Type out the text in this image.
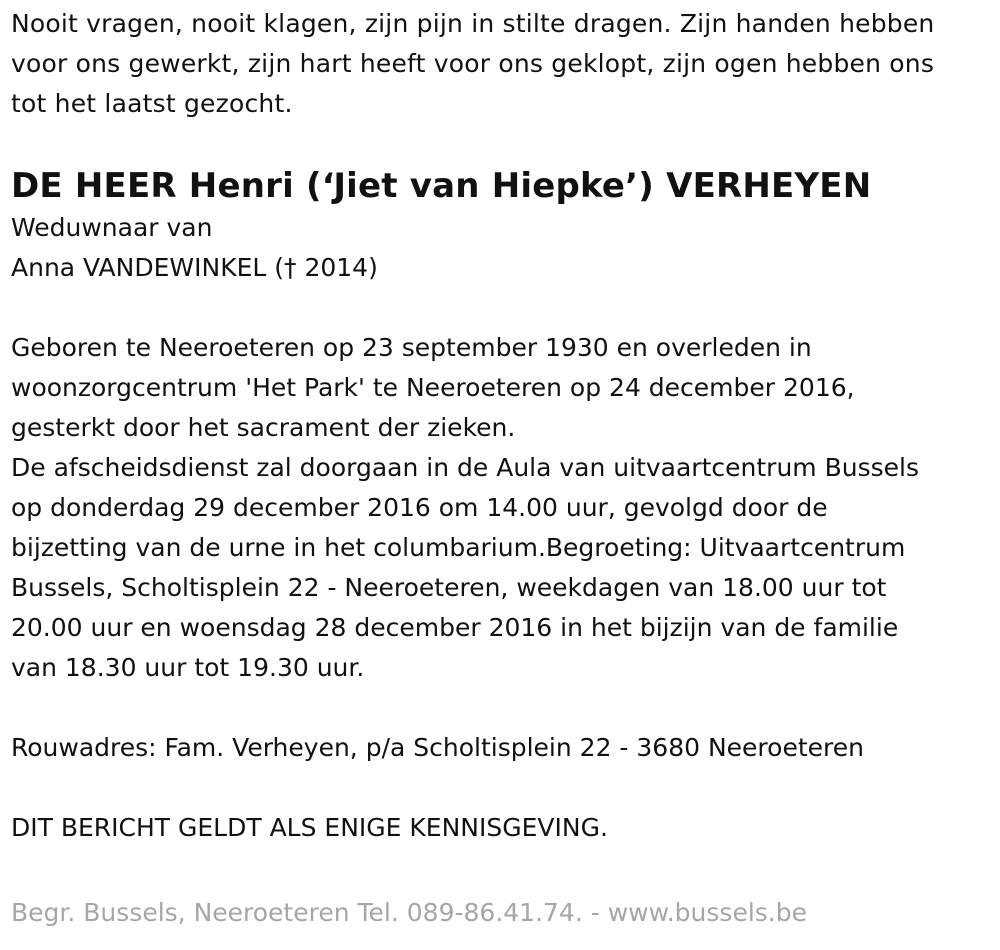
Nooit vragen, nooit klagen, zijn pijn in stilte dragen. Zijn handen hebben
voor ons gewerkt, zijn hart heeft voor ons geklopt, zijn ogen hebben ons
tot het laatst gezocht.

DE HEER Henri (‘Jiet van Hiepke’) VERHEYEN

Weduwnaar van

Anna VANDEWINKEL († 2014)

Geboren te Neeroeteren op 23 september 1930 en overleden in
woonzorgcentrum 'Het Park' te Neeroeteren op 24 december 2016,
gesterkt door het sacrament der zieken.
De afscheidsdienst zal doorgaan in de Aula van uitvaartcentrum Bussels
op donderdag 29 december 2016 om 14.00 uur, gevolgd door de
bijzetting van de urne in het columbarium.Begroeting: Uitvaartcentrum
Bussels, Scholtisplein 22 - Neeroeteren, weekdagen van 18.00 uur tot
20.00 uur en woensdag 28 december 2016 in het bijzijn van de familie
van 18.30 uur tot 19.30 uur.

Rouwadres: Fam. Verheyen, p/a Scholtisplein 22 - 3680 Neeroeteren

DIT BERICHT GELDT ALS ENIGE KENNISGEVING.

Begr. Bussels, Neeroeteren Tel. 089-86.41.74. - www.bussels.be
